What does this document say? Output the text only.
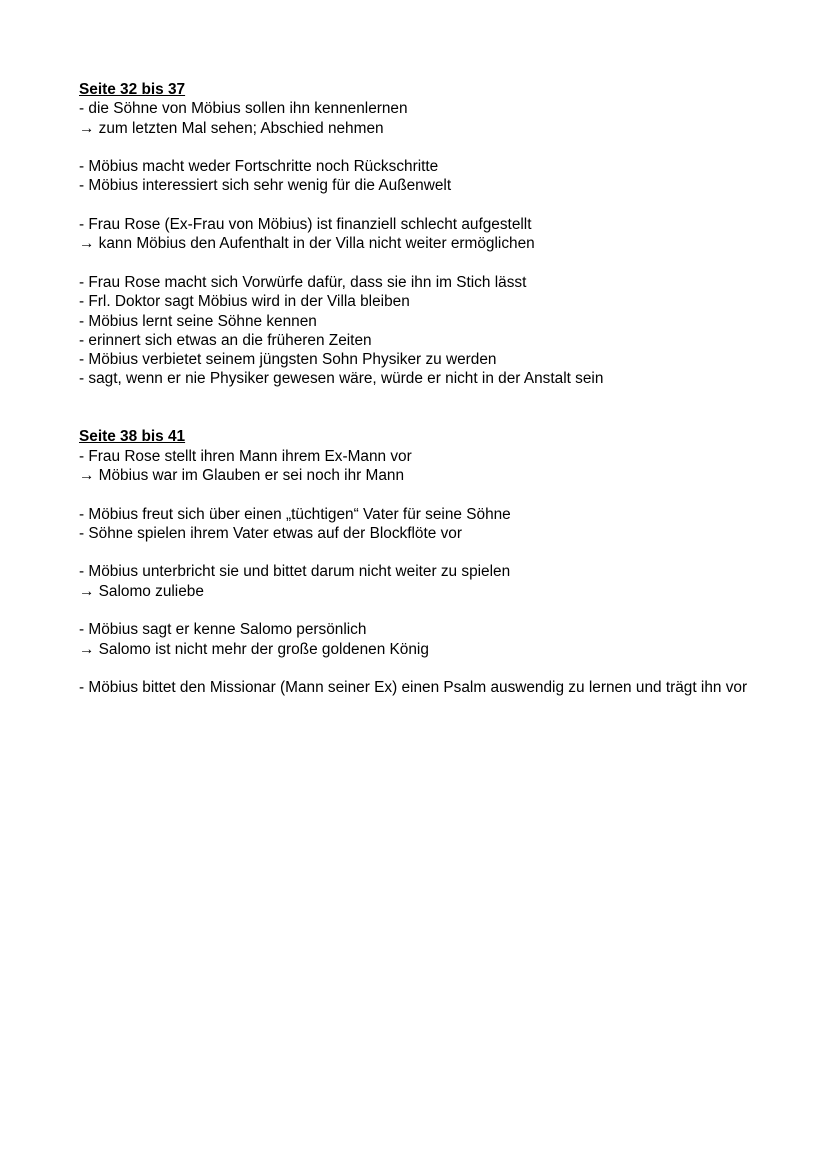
Seite 32 bis 37

- die Söhne von Möbius sollen ihn kennenlernen

→ zum letzten Mal sehen; Abschied nehmen

- Möbius macht weder Fortschritte noch Rückschritte

- Möbius interessiert sich sehr wenig für die Außenwelt

- Frau Rose (Ex-Frau von Möbius) ist finanziell schlecht aufgestellt

→ kann Möbius den Aufenthalt in der Villa nicht weiter ermöglichen

- Frau Rose macht sich Vorwürfe dafür, dass sie ihn im Stich lässt

- Frl. Doktor sagt Möbius wird in der Villa bleiben

- Möbius lernt seine Söhne kennen

- erinnert sich etwas an die früheren Zeiten

- Möbius verbietet seinem jüngsten Sohn Physiker zu werden

- sagt, wenn er nie Physiker gewesen wäre, würde er nicht in der Anstalt sein

Seite 38 bis 41

- Frau Rose stellt ihren Mann ihrem Ex-Mann vor

→ Möbius war im Glauben er sei noch ihr Mann

- Möbius freut sich über einen „tüchtigen“ Vater für seine Söhne

- Söhne spielen ihrem Vater etwas auf der Blockflöte vor

- Möbius unterbricht sie und bittet darum nicht weiter zu spielen

→ Salomo zuliebe

- Möbius sagt er kenne Salomo persönlich

→ Salomo ist nicht mehr der große goldenen König

- Möbius bittet den Missionar (Mann seiner Ex) einen Psalm auswendig zu lernen und trägt ihn vor
